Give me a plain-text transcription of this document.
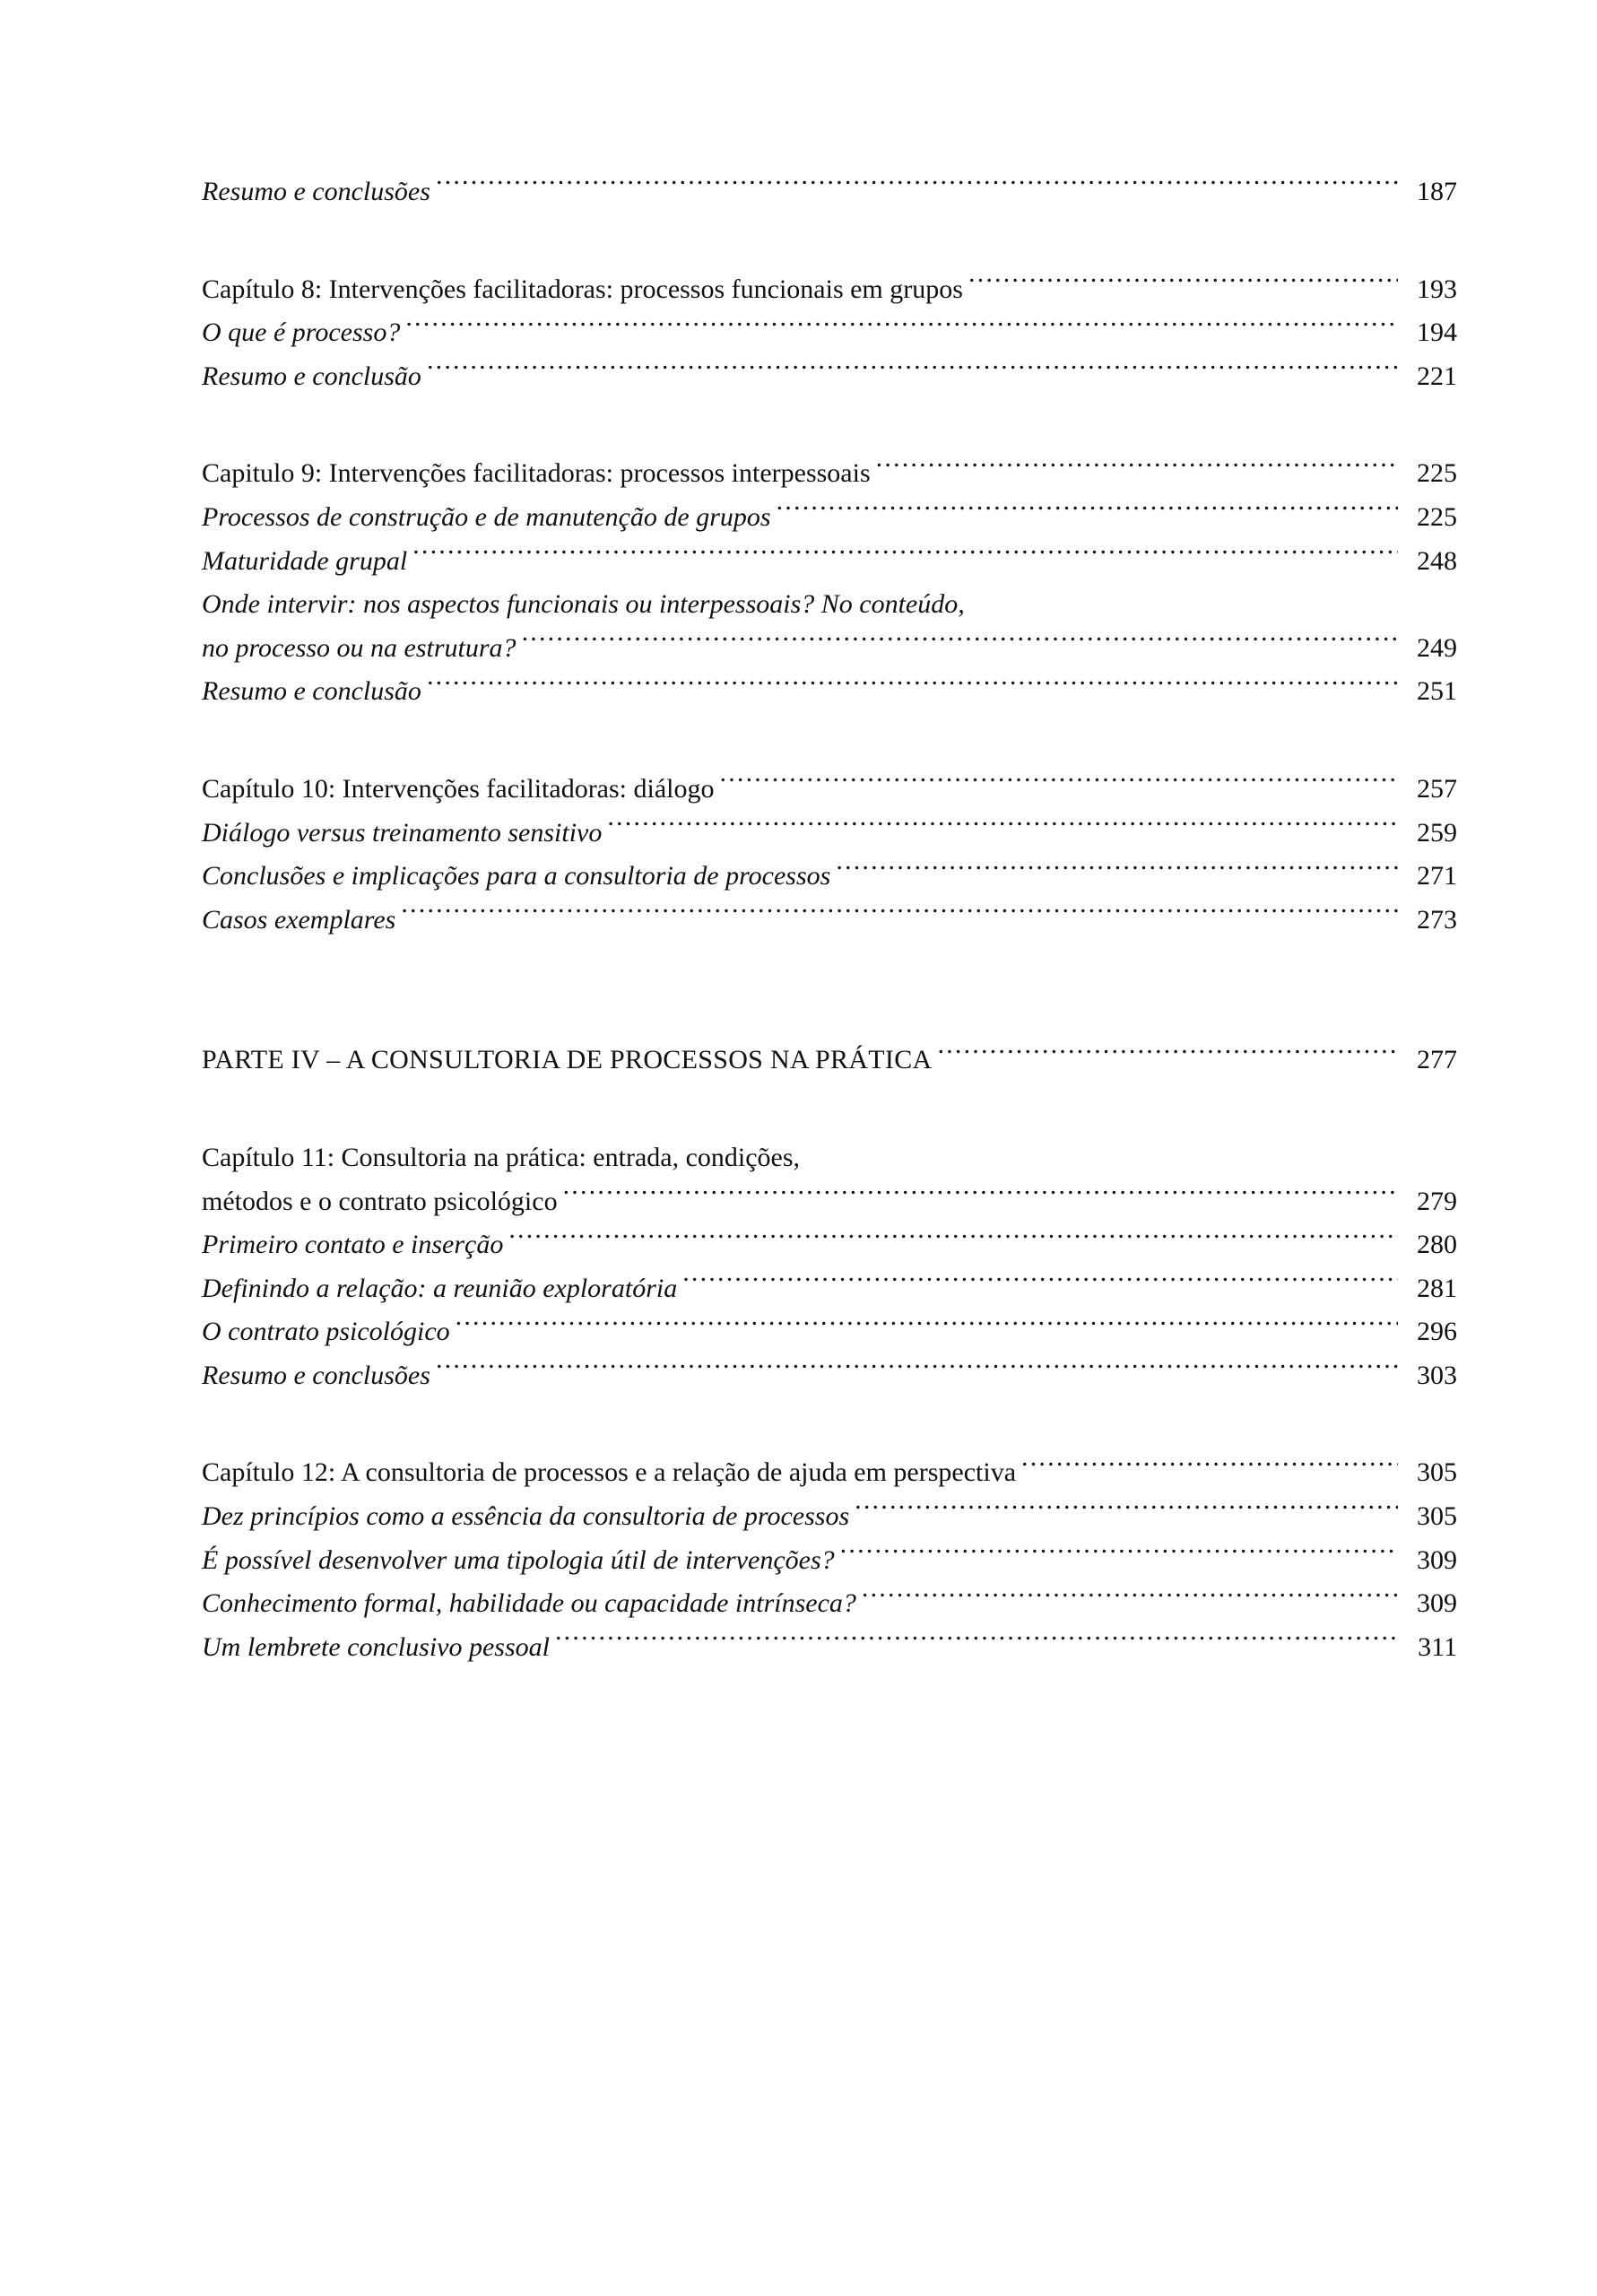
Resumo e conclusões .....	187
Capítulo 8: Intervenções facilitadoras: processos funcionais em grupos .....	193
O que é processo? .....	194
Resumo e conclusão .....	221
Capitulo 9: Intervenções facilitadoras: processos interpessoais .....	225
Processos de construção e de manutenção de grupos .....	225
Maturidade grupal .....	248
Onde intervir: nos aspectos funcionais ou interpessoais? No conteúdo,
no processo ou na estrutura? .....	249
Resumo e conclusão .....	251
Capítulo 10: Intervenções facilitadoras: diálogo .....	257
Diálogo versus treinamento sensitivo .....	259
Conclusões e implicações para a consultoria de processos .....	271
Casos exemplares .....	273
PARTE IV – A CONSULTORIA DE PROCESSOS NA PRÁTICA .....	277
Capítulo 11: Consultoria na prática: entrada, condições,
métodos e o contrato psicológico .....	279
Primeiro contato e inserção .....	280
Definindo a relação: a reunião exploratória .....	281
O contrato psicológico .....	296
Resumo e conclusões .....	303
Capítulo 12: A consultoria de processos e a relação de ajuda em perspectiva .....	305
Dez princípios como a essência da consultoria de processos .....	305
É possível desenvolver uma tipologia útil de intervenções? .....	309
Conhecimento formal, habilidade ou capacidade intrínseca? .....	309
Um lembrete conclusivo pessoal .....	311
